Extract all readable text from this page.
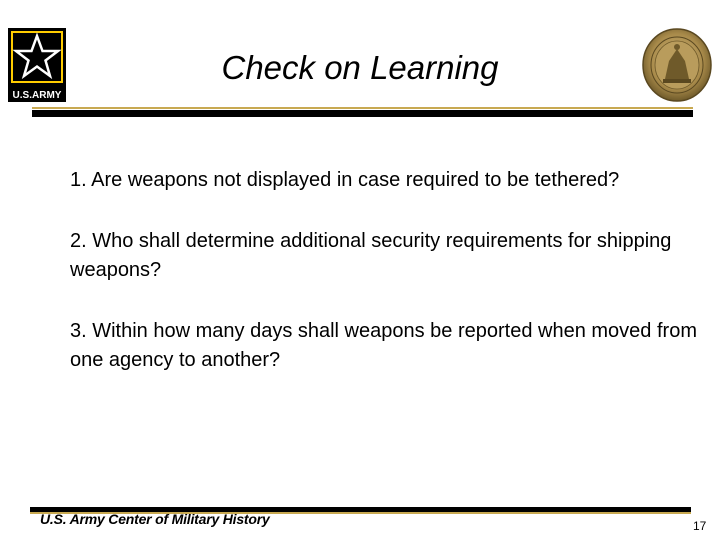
U.S.ARMY
Check on Learning

1. Are weapons not displayed in case required to be tethered?

2. Who shall determine additional security requirements for shipping weapons?

3. Within how many days shall weapons be reported when moved from one agency to another?

U.S. Army Center of Military History	17
